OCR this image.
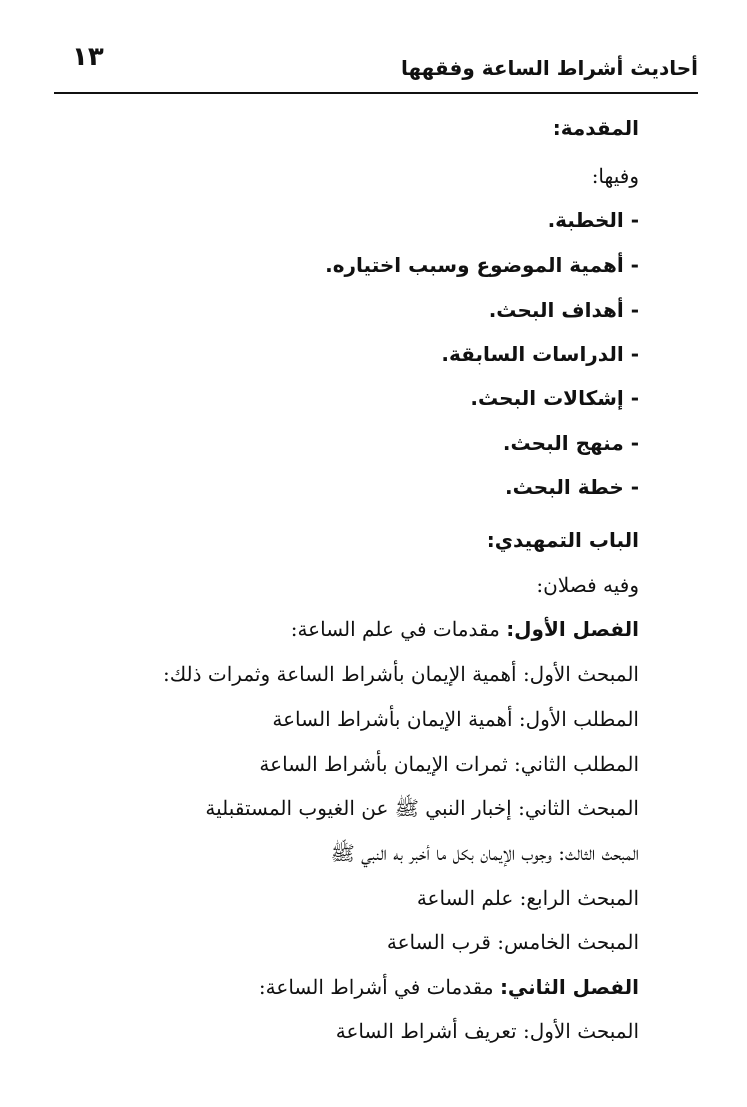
أحاديث أشراط الساعة وفقهها
١٣
المقدمة:
وفيها:
- الخطبة.
- أهمية الموضوع وسبب اختياره.
- أهداف البحث.
- الدراسات السابقة.
- إشكالات البحث.
- منهج البحث.
- خطة البحث.
الباب التمهيدي:
وفيه فصلان:
الفصل الأول: مقدمات في علم الساعة:
المبحث الأول: أهمية الإيمان بأشراط الساعة وثمرات ذلك:
المطلب الأول: أهمية الإيمان بأشراط الساعة
المطلب الثاني: ثمرات الإيمان بأشراط الساعة
المبحث الثاني: إخبار النبي ﷺ عن الغيوب المستقبلية
المبحث الثالث: وجوب الإيمان بكل ما أخبر به النبي ﷺ
المبحث الرابع: علم الساعة
المبحث الخامس: قرب الساعة
الفصل الثاني: مقدمات في أشراط الساعة:
المبحث الأول: تعريف أشراط الساعة
